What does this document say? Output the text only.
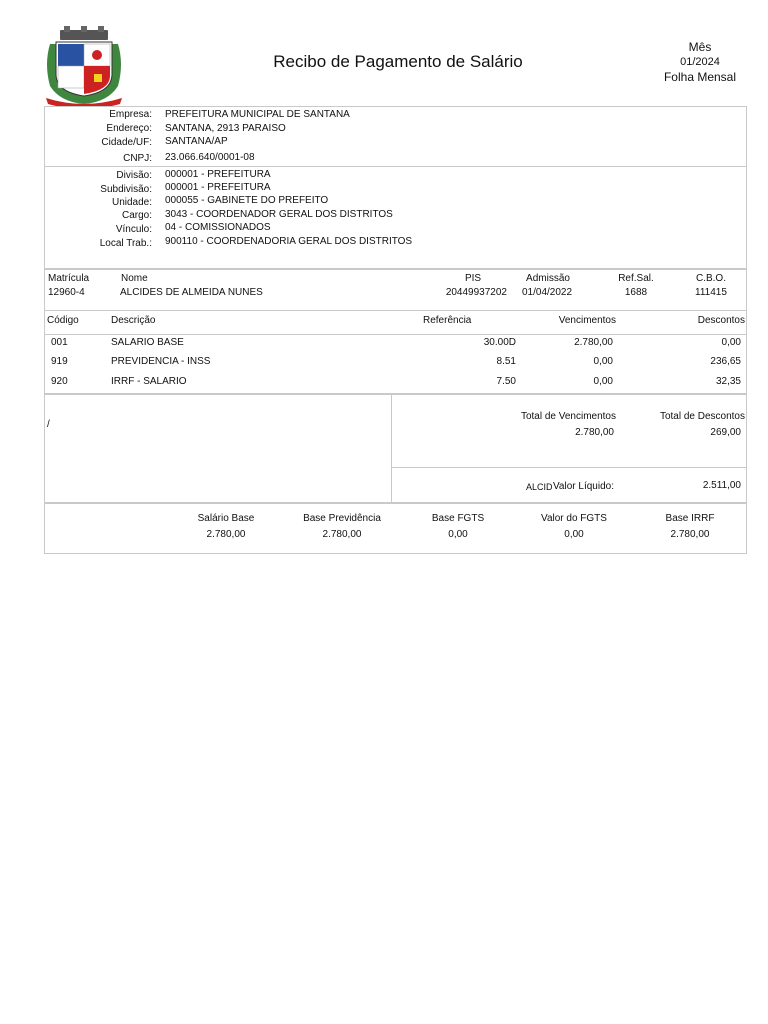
Recibo de Pagamento de Salário
Mês
01/2024
Folha Mensal
Empresa: PREFEITURA MUNICIPAL DE SANTANA
Endereço: SANTANA, 2913 PARAISO
Cidade/UF: SANTANA/AP
CNPJ: 23.066.640/0001-08
Divisão: 000001 - PREFEITURA
Subdivisão: 000001 - PREFEITURA
Unidade: 000055 - GABINETE DO PREFEITO
Cargo: 3043 - COORDENADOR GERAL DOS DISTRITOS
Vínculo: 04 - COMISSIONADOS
Local Trab.: 900110 - COORDENADORIA GERAL DOS DISTRITOS
Matrícula	Nome	PIS	Admissão	Ref.Sal.	C.B.O.
12960-4	ALCIDES DE ALMEIDA NUNES	20449937202 01/04/2022	1688	111415
Código	Descrição	Referência	Vencimentos	Descontos
001	SALARIO BASE	30.00D	2.780,00	0,00
919	PREVIDENCIA - INSS	8.51	0,00	236,65
920	IRRF - SALARIO	7.50	0,00	32,35
/
Total de Vencimentos
2.780,00
Total de Descontos
269,00
ALCID Valor Líquido:	2.511,00
Salário Base	Base Previdência	Base FGTS	Valor do FGTS	Base IRRF
2.780,00	2.780,00	0,00	0,00	2.780,00
